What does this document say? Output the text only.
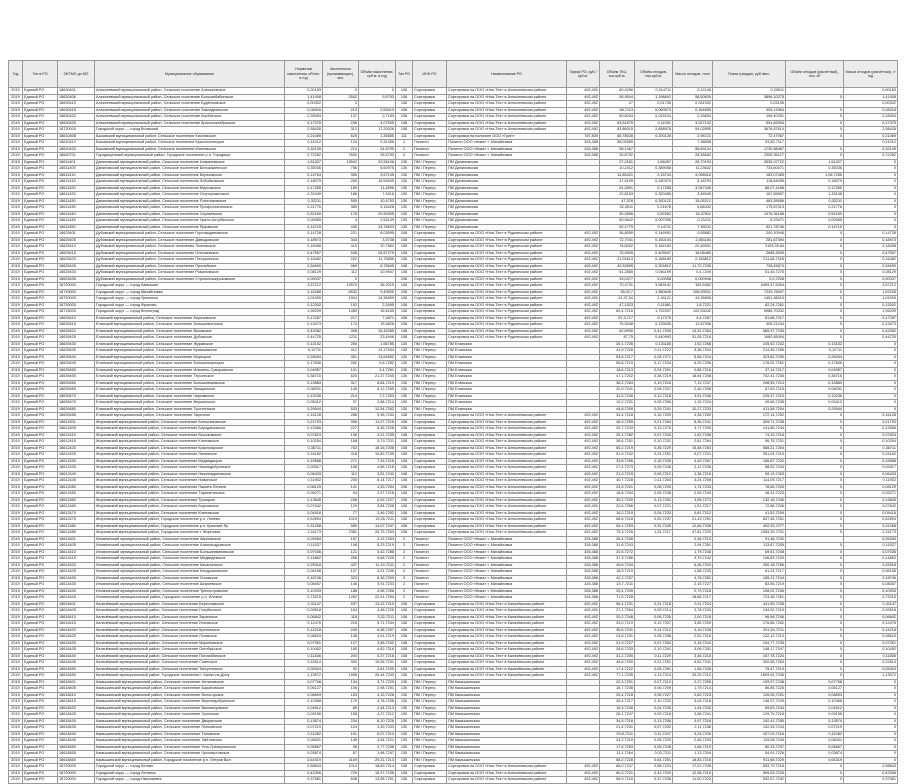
Год	Тип в РО	ОКТМО до МО	Муниципальное образование	Норматив накопления, м³/чел. в год	Численность (проживающих), чел.	Объём накопления, куб.м. в год	Тип РО	ИНН РО	Наименование РО	Тариф РО, руб./куб.м.	Объём ТКО, тыс.куб.м.	Объём отходов, тыс.куб.м.	Масса отходов, тонн	Плата граждан, руб./мес.	Объём отходов (расчётный), тыс. м³	Масса отходов (расчётная), т/год
2019	Единый РО	18630401	Алексеевский муниципальный район, Сельское поселение Алексеевское	0,00183	0	0	108	Сортировка	Сортировка на ООО «Ноя-Тех» в Алексеевском районе	492,492	60,4296	0,014711	0,12148	0,29511		0,00183
2019	Единый РО	18630406	Алексеевский муниципальный район, Сельское поселение Большебабинское	1,41408	2542	9,5793	108	Сортировка	Сортировка на ООО «Ноя-Тех» в Алексеевском районе	492,492	56,9544	1,196841	58,50839	3896,10275	0	1,41408
2019	Единый РО	18630410	Алексеевский муниципальный район, Сельское поселение Будённовское	0,00302	0		108	Сортировка	Сортировка на ООО «Ноя-Тех» в Алексеевском районе	492,492	27	0,01735	0,031932	0,03195		0,00302
2019	Единый РО	18630415	Алексеевский муниципальный район, Сельское поселение Закладнинское	0,08316	213	0,53413	108	Сортировка	Сортировка на ООО «Ноя-Тех» в Алексеевском районе	492,492	68,7113	0,060573	0,164555	405,13364	0	0,08316
2019	Единый РО	18630420	Алексеевский муниципальный район, Сельское поселение Кирбитское	0,28394	137	0,7183	108	Сортировка	Сортировка на ООО «Ноя-Тех» в Алексеевском районе	492,492	50,6034	0,015104	0,15834	196,40251	0	0,28394
2019	Единый РО	18630425	Алексеевский муниципальный район, Сельское поселение Краснооктябрьское	0,17375	236	4,07505	108	Сортировка	Сортировка на ООО «Ноя-Тех» в Алексеевском районе	492,492	63,51875	0,11031	3,027132	591,65394	0	0,17375
2019	Единый РО	18720000	Городской округ — город Волжский	2,58426	312	17,20026	108	Сортировка	Сортировка на ООО «Ноя-Тех» в Алексеевском районе	492,492	83,86015	2,858978	54,02895	3676,67614	0	2,58426
2019	Единый РО	18610408	Быковский муниципальный район, Сельское поселение Кисловское	0,21089	625	1,35655	111	Сортировка	Сортировка на полигоне ООО «Грин»	787,839	66,78028	0,200128	2,98721	72,47067	0	0,21089
2019	Единый РО	18610412	Быковский муниципальный район, Сельское поселение Красноселецкое	0,11012	124	0,31356	2	Полигон	Полигон ООО «Ника» г. Михайловка	326,388	58,09389		7,38838	53,82,7117		0,11012
2019	Единый РО	18610420	Быковский муниципальный район, Сельское поселение Кленовское	0,32139	210	24,5795	2	Полигон	Полигон ООО «Ника» г. Михайловка	326,388	58,1467		56,69124	1730,58467	0	0,32139
2019	Единый РО	18640701	Городищенский муниципальный район, Городское поселение р.п. Городище	0,72282	7600	26,5793	2	Полигон	Полигон ООО «Ника» г. Михайловка	326,388	30,8792		28,56682	2305,35127	0	0,72282
2019	Единый РО	18611401	Даниловский муниципальный район, Сельское поселение Атамановское	1,51327	13542	22,55106	130	ПМ / Перегр.	ПМ Даниловская		27,2161	1,56287	28,70193	2535,07722	1,51327	0
2019	Единый РО	18611405	Даниловский муниципальный район, Сельское поселение Белокаменское	0,35036	756	6,60975	130	ПМ / Перегр.	ПМ Даниловская		10,2412	0,389058	11,23632	733,60071	0,35036	0
2019	Единый РО	18611410	Даниловский муниципальный район, Сельское поселение Березовское	0,14754	355	3,57145	130	ПМ / Перегр.	ПМ Даниловская		14,85421	0,15744	4,098416	183,07469	1,06,7256	0
2019	Единый РО	18611415	Даниловский муниципальный район, Сельское поселение Лобойковское	0,18079	269	16,54645	130	ПМ / Перегр.	ПМ Даниловская		47,5199	0,180379	5,18793	118,64095	0,18079	0
2019	Единый РО	18611420	Даниловский муниципальный район, Сельское поселение Миусовское	0,17355	189	11,4596	130	ПМ / Перегр.	ПМ Даниловская		51,2891	0,17288	3,047345	88,07,4186	0,17355	0
2019	Единый РО	18611425	Даниловский муниципальный район, Сельское поселение Остророженское	0,32449	186	7,4016	130	ПМ / Перегр.	ПМ Даниловская		22,8163	0,320485	3,48945	187,85597	1,33148	0
2019	Единый РО	18611430	Даниловский муниципальный район, Сельское поселение Плотниковское	0,32211	555	10,4753	130	ПМ / Перегр.	ПМ Даниловская		47,378	0,320122	15,05212	483,35956	0,32211	0
2019	Единый РО	18611435	Даниловский муниципальный район, Сельское поселение Профсоюзнинское	0,21776	389	5,16428	130	ПМ / Перегр.	ПМ Даниловская		32,4911	0,21678	5,86432	175,87313	0,21776	0
2019	Единый РО	18611440	Даниловский муниципальный район, Сельское поселение Сергиевское	0,52160	176	20,90305	130	ПМ / Перегр.	ПМ Даниловская		30,3856	0,52262	16,37811	1376,34186	0,52160	0
2019	Единый РО	18611445	Даниловский муниципальный район, Сельское поселение Урало-Ахтубинское	0,00955	4	2,52149	130	ПМ / Перегр.	ПМ Даниловская		50,9642	0,007055	0,21211	6,29471	0,00955	0
2019	Единый РО	18611450	Даниловский муниципальный район, Сельское поселение Ярковское	0,14715	430	13,78633	130	ПМ / Перегр.	ПМ Даниловская		92,1779	0,14711	7,59211	521,78746	0,14715	0
2019	Единый РО	18625401	Дубовский муниципальный район, Сельское поселение Горноводяновское	0,14728	221	8,03595	108	Сортировка	Сортировка на ООО «Ноя-Тех» в Руднянском районе	492,492	36,8059	0,146951	0,55882	200,20946	0	0,14728
2019	Единый РО	18625405	Дубовский муниципальный район, Сельское поселение Давыдовское	0,18973	343	3,3738	108	Сортировка	Сортировка на ООО «Ноя-Тех» в Руднянском районе	492,492	72,7041	0,150104	2,851184	281,67394	0	0,18973
2019	Единый РО	18625410	Дубовский муниципальный район, Сельское поселение Лозновское	0,18498	410	20,7652	108	Сортировка	Сортировка на ООО «Ноя-Тех» в Руднянском районе	492,492	78,6002	0,184183	20,45931	2193,39,84	0	0,18498
2019	Единый РО	18625415	Дубовский муниципальный район, Сельское поселение Оленьевское	0,47557	536	26,57279	108	Сортировка	Сортировка на ООО «Ноя-Тех» в Руднянском районе	492,492	76,9905	0,403947	18,06489	2685,3539	0	0,47557
2019	Единый РО	18625420	Дубовский муниципальный район, Сельское поселение Пичужинское	0,16482	202	11,75856	108	Сортировка	Сортировка на ООО «Ноя-Тех» в Руднянском районе	492,492	21,01613	0,168189	2,183812	211,68,7526	0	0,16482
2019	Единый РО	18625425	Дубовский муниципальный район, Сельское поселение Пролейское	0,34690	989	8,75645	108	Сортировка	Сортировка на ООО «Ноя-Тех» в Руднянском районе	492,492	40,52895	0,324812	11,70,7205	728,45674	0	0,34690
2019	Единый РО	18625430	Дубовский муниципальный район, Сельское поселение Романовское	0,08129	112	10,9947	108	Сортировка	Сортировка на ООО «Ноя-Тех» в Руднянском районе	492,492	51,2565	0,081199	0,4,7209	51,45,7275	0	0,08129
2019	Единый РО	18625435	Дубовский муниципальный район, Сельское поселение Стрельношироковское	0,00037	0		108	Сортировка	Сортировка на ООО «Ноя-Тех» в Руднянском районе	492,492	33,0477	0,00058	0,000946	0,0,7208	0	0,00037
2019	Единый РО	18720000	Городской округ — город Камышин	3,57212	13570	36,2015	108	Сортировка	Сортировка на ООО «Ноя-Тех» в Руднянском районе	492,492	70,4731	3,583141	183,5382	9459,37,5264	0	3,57212
2019	Единый РО	18715000	Городской округ — город Михайловка	2,16288	6532	9,49905	108	Сортировка	Сортировка на ООО «Ноя-Тех» в Руднянском районе	492,492	35,00,7	1,980645	106,99531	7229,78497	0	1,02105
2019	Единый РО	18720000	Городской округ — город Урюпинск	1,01905	1904	14,35899	108	Сортировка	Сортировка на ООО «Ноя-Тех» в Руднянском районе	492,492	41,37,54	1,41121	44,35898	1451,48415	0	1,01905
2019	Единый РО	18730000	Городской округ — город Фролово	0,12002	192	2,3495	108	Сортировка	Сортировка на ООО «Ноя-Тех» в Руднянском районе	492,492	47,1523	0,11861	1,8,7221	82,24,7261	0	0,12002
2019	Единый РО	18715000	Городской округ — город Волгоград	1,95209	1489	16,6165	108	Сортировка	Сортировка на ООО «Ноя-Тех» в Руднянском районе	492,492	60,4,7216	1,792337	102,53042	6986,70332	0	1,95209
2019	Единый РО	18639410	Еланский муниципальный район, Сельское поселение Березовское	0,17287	217	7,4871	108	Сортировка	Сортировка на ООО «Ноя-Тех» в Руднянском районе	492,492	57,3,717	0,17275	4,4,7267	81,88,7217	0	0,17287
2019	Единый РО	18639415	Еланский муниципальный район, Сельское поселение Большевистское	0,13473	174	15,5826	108	Сортировка	Сортировка на ООО «Ноя-Тех» в Руднянском районе	492,492	75,9048	0,133935	12,87938	305,21244	0	0,13473
2019	Единый РО	18639420	Еланский муниципальный район, Сельское поселение Вязовское	0,42082	398	15,49285	108	Сортировка	Сортировка на ООО «Ноя-Тех» в Руднянском районе	492,492	62,6906	0,41,7205	14,31,7264	585,37,7235	0	0,42082
2019	Единый РО	18639425	Еланский муниципальный район, Сельское поселение Дубовское	0,44725	1211	23,4946	108	Сортировка	Сортировка на ООО «Ноя-Тех» в Руднянском районе	492,492	87,75	0,440993	31,05,7216	1080,65094	0	0,44725
2019	Единый РО	18639430	Еланский муниципальный район, Сельское поселение Журавское	0,13152	250	1,56785	130	ПМ / Перегр.	ПМ Еланская		26,1,7235	0,131185	1,52,7268	105,52,7242	0,13152	0
2019	Единый РО	18639435	Еланский муниципальный район, Сельское поселение Краишевское	0,11711	412	13,17534	130	ПМ / Перегр.	ПМ Еланская		41,9,7228	0,11,7222	5,38,7204	214,36,7289	0,11711	0
2019	Единый РО	18639440	Еланский муниципальный район, Сельское поселение Морецкое	0,28264	351	13,64552	130	ПМ / Перегр.	ПМ Еланская		53,6,7217	0,28,7271	5,56,7224	323,82,7259	0,28264	0
2019	Единый РО	18639445	Еланский муниципальный район, Сельское поселение Большеморецкое	0,17846	262	9,6,7282	130	ПМ / Перегр.	ПМ Еланская		56,8,7215	0,17,7234	6,25,7296	178,92,7261	0,17846	0
2019	Единый РО	18639450	Еланский муниципальный район, Сельское поселение Ильмень-Суворовское	0,04957	101	3,4,7261	130	ПМ / Перегр.	ПМ Еланская		18,6,7213	0,04,7291	0,88,7216	37,14,7217	0,04957	0
2019	Единый РО	18639455	Еланский муниципальный район, Сельское поселение Терсинское	0,38715	620	21,37,7245	130	ПМ / Перегр.	ПМ Еланская		47,1,7202	0,38,7219	18,64,7208	702,41,7236	0,38715	0
2019	Единый РО	18639460	Еланский муниципальный район, Сельское поселение Большевязовское	0,19883	317	8,84,7219	130	ПМ / Перегр.	ПМ Еланская		36,2,7284	0,19,7218	7,12,7237	298,55,7214	0,19883	0
2019	Единый РО	18639465	Еланский муниципальный район, Сельское поселение Хвощинское	0,08291	145	6,12,7255	130	ПМ / Перегр.	ПМ Еланская		22,9,7241	0,08,7207	2,46,7298	87,63,7215	0,08291	0
2019	Единый РО	18639470	Еланский муниципальный район, Сельское поселение Чернавское	0,12036	214	7,2,7253	130	ПМ / Перегр.	ПМ Еланская		31,5,7246	0,12,7218	3,91,7246	125,37,7219	0,12036	0
2019	Единый РО	18639475	Еланский муниципальный район, Сельское поселение Вершинское	0,05412	97	2,88,7214	130	ПМ / Перегр.	ПМ Еланская		19,2,7231	0,05,7266	1,15,7224	49,66,7238	0,05412	0
2019	Единый РО	18639480	Еланский муниципальный район, Сельское поселение Тростянское	0,29544	533	12,54,7262	130	ПМ / Перегр.	ПМ Еланская		44,8,7209	0,29,7241	10,27,7233	411,58,7204	0,29544	0
2019	Единый РО	18639485	Еланский муниципальный район, Сельское поселение Заречное	0,16128	288	5,96,7244	108	Сортировка	Сортировка на ООО «Ноя-Тех» в Алексеевском районе	492,492	34,4,7218	0,16,7209	4,38,7269	172,14,7252	0	0,16128
2019	Единый РО	18612401	Жирновский муниципальный район, Сельское поселение Алешниковское	0,21793	396	11,07,7216	108	Сортировка	Сортировка на ООО «Ноя-Тех» в Алексеевском районе	492,492	48,3,7255	0,21,7284	8,36,7241	309,71,7238	0	0,21793
2019	Единый РО	18612405	Жирновский муниципальный район, Сельское поселение Бородачевское	0,13366	227	6,45,7228	108	Сортировка	Сортировка на ООО «Ноя-Тех» в Алексеевском районе	492,492	29,7,7233	0,13,7276	3,77,7209	141,86,7244	0	0,13366
2019	Единый РО	18612410	Жирновский муниципальный район, Сельское поселение Высоковское	0,07824	136	4,21,7235	108	Сортировка	Сортировка на ООО «Ноя-Тех» в Алексеевском районе	492,492	25,1,7282	0,07,7243	1,62,7258	74,33,7216	0	0,07824
2019	Единый РО	18612415	Жирновский муниципальный район, Сельское поселение Кленовское	0,10254	168	5,74,7211	108	Сортировка	Сортировка на ООО «Ноя-Тех» в Алексеевском районе	492,492	38,6,7251	0,10,7231	2,81,7264	96,75,7231	0	0,10254
2019	Единый РО	18612420	Жирновский муниципальный район, Сельское поселение Красноярское	0,36711	702	18,16,7208	108	Сортировка	Сортировка на ООО «Ноя-Тех» в Алексеевском районе	492,492	65,2,7219	0,36,7229	15,48,7283	588,21,7264	0	0,36711
2019	Единый РО	18612425	Жирновский муниципальный район, Сельское поселение Линевское	0,24162	418	10,82,7239	108	Сортировка	Сортировка на ООО «Ноя-Тех» в Алексеевском районе	492,492	51,9,7242	0,24,7251	9,07,7221	351,04,7219	0	0,24162
2019	Единый РО	18612430	Жирновский муниципальный район, Сельское поселение Медведицкое	0,15588	271	7,33,7216	108	Сортировка	Сортировка на ООО «Ноя-Тех» в Алексеевском районе	492,492	33,8,7256	0,15,7205	4,49,7267	166,87,7232	0	0,15588
2019	Единый РО	18612435	Жирновский муниципальный район, Сельское поселение Нижнедобринское	0,09317	158	4,86,7218	108	Сортировка	Сортировка на ООО «Ноя-Тех» в Алексеевском районе	492,492	27,4,7273	0,09,7246	2,12,7238	88,52,7244	0	0,09317
2019	Единый РО	18612440	Жирновский муниципальный район, Сельское поселение Нижнеждановское	0,06433	112	3,51,7242	108	Сортировка	Сортировка на ООО «Ноя-Тех» в Алексеевском районе	492,492	21,3,7215	0,06,7212	1,36,7215	59,19,7263	0	0,06433
2019	Единый РО	18612445	Жирновский муниципальный район, Сельское поселение Новинское	0,11902	205	6,14,7217	108	Сортировка	Сортировка на ООО «Ноя-Тех» в Алексеевском районе	492,492	40,7,7228	0,11,7263	3,24,7208	114,05,7217	0	0,11902
2019	Единый РО	18612450	Жирновский муниципальный район, Сельское поселение Памяти Ленина	0,08129	141	4,33,7254	108	Сортировка	Сортировка на ООО «Ноя-Тех» в Алексеевском районе	492,492	24,5,7201	0,08,7205	1,74,7233	78,66,7205	0	0,08129
2019	Единый РО	18612455	Жирновский муниципальный район, Сельское поселение Тарапатинское	0,05271	94	2,97,7216	108	Сортировка	Сортировка на ООО «Ноя-Тех» в Алексеевском районе	492,492	18,8,7244	0,05,7238	0,99,7249	48,31,7223	0	0,05271
2019	Единый РО	18612460	Жирновский муниципальный район, Сельское поселение Троицкое	0,13845	236	6,92,7227	108	Сортировка	Сортировка на ООО «Ноя-Тех» в Алексеевском районе	492,492	35,2,7239	0,13,7252	3,95,7273	132,18,7246	0	0,13845
2019	Единый РО	18612465	Жирновский муниципальный район, Сельское поселение Борковское	0,07642	129	3,84,7208	108	Сортировка	Сортировка на ООО «Ноя-Тех» в Алексеевском районе	492,492	22,6,7266	0,07,7221	1,51,7217	72,88,7236	0	0,07642
2019	Единый РО	18612470	Жирновский муниципальный район, Сельское поселение Кленовское	0,04416	77	2,46,7252	108	Сортировка	Сортировка на ООО «Ноя-Тех» в Алексеевском районе	492,492	16,2,7219	0,04,7233	0,81,7212	41,52,7209	0	0,04416
2019	Единый РО	18612475	Жирновский муниципальный район, Городское поселение р.п. Линево	0,52894	1019	19,26,7211	108	Сортировка	Сортировка на ООО «Ноя-Тех» в Алексеевском районе	492,492	68,8,7218	0,52,7237	21,43,7291	837,46,7251	0	0,52894
2019	Единый РО	18612480	Жирновский муниципальный район, Городское поселение р.п. Красный Яр	0,31268	589	14,07,7247	108	Сортировка	Сортировка на ООО «Ноя-Тех» в Алексеевском районе	492,492	54,1,7253	0,31,7245	12,66,7208	492,33,7277	0	0,31268
2019	Единый РО	18612485	Жирновский муниципальный район, Городское поселение г. Жирновск	1,24173	2381	28,75,7263	108	Сортировка	Сортировка на ООО «Ноя-Тех» в Алексеевском районе	492,492	79,3,7226	1,24,7217	47,81,7229	1954,26,7231	0	1,24173
2019	Единый РО	18614401	Иловлинский муниципальный район, Сельское поселение Авиловское	0,09284	157	4,12,7264	2	Полигон	Полигон ООО «Ника» г. Михайловка	326,388	26,4,7208		2,36,7213	91,48,7232		0,09284
2019	Единый РО	18614405	Иловлинский муниципальный район, Сельское поселение Александровское	0,11527	198	5,23,7219	2	Полигон	Полигон ООО «Ника» г. Михайловка	326,388	31,8,7243		2,94,7261	113,87,7205	0	0,11527
2019	Единый РО	18614410	Иловлинский муниципальный район, Сельское поселение Большеивановское	0,07036	121	3,42,7288	2	Полигон	Полигон ООО «Ника» г. Михайловка	326,388	20,5,7272		1,79,7246	69,51,7248	0	0,07036
2019	Единый РО	18614415	Иловлинский муниципальный район, Сельское поселение Медведевское	0,14862	256	6,68,7225	2	Полигон	Полигон ООО «Ника» г. Михайловка	326,388	37,3,7266		3,79,7242	146,83,7229	0	0,14862
2019	Единый РО	18614420	Иловлинский муниципальный район, Сельское поселение Качалинское	0,25318	437	11,24,7211	2	Полигон	Полигон ООО «Ника» г. Михайловка	326,388	49,6,7234		6,46,7203	250,18,7256	0	0,25318
2019	Единый РО	18614425	Иловлинский муниципальный район, Сельское поселение Кондрашовское	0,06198	107	3,01,7246	2	Полигон	Полигон ООО «Ника» г. Михайловка	326,388	18,9,7219		1,58,7233	61,24,7217	0	0,06198
2019	Единый РО	18614430	Иловлинский муниципальный район, Сельское поселение Логовское	0,18746	323	8,36,7209	2	Полигон	Полигон ООО «Ника» г. Михайловка	326,388	42,2,7257		4,78,7262	185,21,7244	0	0,18746
2019	Единый РО	18614435	Иловлинский муниципальный район, Сельское поселение Ширяевское	0,08457	146	3,91,7233	2	Полигон	Полигон ООО «Ника» г. Михайловка	326,388	23,7,7211		2,15,7227	83,56,7219	0	0,08457
2019	Единый РО	18614440	Иловлинский муниципальный район, Сельское поселение Трёхостровское	0,10933	188	4,96,7258	2	Полигон	Полигон ООО «Ника» г. Михайловка	326,388	29,4,7205		2,79,7218	108,02,7236	0	0,10933
2019	Единый РО	18614445	Иловлинский муниципальный район, Городское поселение р.п. Иловля	0,73215	1262	22,41,7264	2	Полигон	Полигон ООО «Ника» г. Михайловка	326,388	71,5,7228		18,68,7217	723,38,7261	0	0,73215
2019	Единый РО	18616401	Калачёвский муниципальный район, Сельское поселение Береславское	0,31147	537	13,22,7219	108	Сортировка	Сортировка на ООО «Ноя-Тех» в Калачёвском районе	492,492	56,4,7231	0,31,7218	9,11,7224	441,55,7238	0	0,31147
2019	Единый РО	18616405	Калачёвский муниципальный район, Сельское поселение Голубинское	0,09518	164	4,48,7226	108	Сортировка	Сортировка на ООО «Ноя-Тех» в Калачёвском районе	492,492	27,1,7264	0,09,7214	2,78,7233	134,92,7219	0	0,09518
2019	Единый РО	18616410	Калачёвский муниципальный район, Сельское поселение Зарянское	0,06842	118	3,32,7211	108	Сортировка	Сортировка на ООО «Ноя-Тех» в Калачёвском районе	492,492	20,2,7246	0,06,7235	2,00,7218	96,98,7246	0	0,06842
2019	Единый РО	18616415	Калачёвский муниципальный район, Сельское поселение Ильевское	0,12476	215	5,71,7244	108	Сортировка	Сортировка на ООО «Ноя-Тех» в Калачёвском районе	492,492	33,0,7219	0,12,7207	3,65,7209	176,86,7262	0	0,12476
2019	Единый РО	18616420	Калачёвский муниципальный район, Сельское поселение Крепинское	0,14218	245	6,38,7257	108	Сортировка	Сортировка на ООО «Ноя-Тех» в Калачёвском районе	492,492	35,6,7241	0,14,7212	4,16,7228	201,54,7211	0	0,14218
2019	Единый РО	18616425	Калачёвский муниципальный район, Сельское поселение Логовское	0,08615	148	4,01,7219	108	Сортировка	Сортировка на ООО «Ноя-Тех» в Калачёвском районе	492,492	24,8,7231	0,08,7258	2,52,7216	122,12,7213	0	0,08615
2019	Единый РО	18616430	Калачёвский муниципальный район, Сельское поселение Мариновское	0,07391	127	3,56,7242	108	Сортировка	Сортировка на ООО «Ноя-Тех» в Калачёвском районе	492,492	21,9,7227	0,07,7264	2,16,7244	104,77,7235	0	0,07391
2019	Единый РО	18616435	Калачёвский муниципальный район, Сельское поселение Октябрьское	0,10452	180	4,82,7216	108	Сортировка	Сортировка на ООО «Ноя-Тех» в Калачёвском районе	492,492	28,6,7233	0,10,7241	3,06,7251	148,17,7247	0	0,10452
2019	Единый РО	18616440	Калачёвский муниципальный район, Сельское поселение Пятиизбянское	0,11836	204	5,37,7218	108	Сортировка	Сортировка на ООО «Ноя-Тех» в Калачёвском районе	492,492	31,2,7205	0,11,7229	3,46,7218	167,78,7224	0	0,11836
2019	Единый РО	18616445	Калачёвский муниципальный район, Сельское поселение Советское	0,22614	390	10,06,7231	108	Сортировка	Сортировка на ООО «Ноя-Тех» в Калачёвском районе	492,492	46,8,7259	0,22,7251	6,62,7241	320,58,7263	0	0,22614
2019	Единый РО	18616450	Калачёвский муниципальный район, Сельское поселение Тингутинское	0,05324	92	2,61,7205	108	Сортировка	Сортировка на ООО «Ноя-Тех» в Калачёвском районе	492,492	17,4,7222	0,05,7261	1,56,7228	75,47,7219	0	0,05324
2019	Единый РО	18616455	Калачёвский муниципальный район, Городское поселение г. Калач-на-Дону	1,13572	1958	26,44,7243	108	Сортировка	Сортировка на ООО «Ноя-Тех» в Калачёвском районе	492,492	77,1,7235	1,13,7214	33,25,7212	1609,91,7236	0	1,13572
2019	Единый РО	18618401	Камышинский муниципальный район, Сельское поселение Антиповское	0,07758	134	3,71,7229	130	ПМ / Перегр.	ПМ Камышинская		22,3,7251	0,07,7213	2,27,7255	109,97,7238	0,07758	0
2019	Единый РО	18618405	Камышинский муниципальный район, Сельское поселение Барановское	0,06127	106	2,98,7251	130	ПМ / Перегр.	ПМ Камышинская		18,7,7238	0,06,7209	1,79,7214	86,85,7226	0,06127	0
2019	Единый РО	18618410	Камышинский муниципальный район, Сельское поселение Белогорское	0,08893	153	4,15,7228	130	ПМ / Перегр.	ПМ Камышинская		25,4,7218	0,08,7227	2,60,7223	126,06,7251	0,08893	0
2019	Единый РО	18618415	Камышинский муниципальный район, Сельское поселение Верхнедобринское	0,10368	179	4,78,7236	130	ПМ / Перегр.	ПМ Камышинская		28,4,7217	0,10,7232	3,04,7218	146,97,7229	0,10368	0
2019	Единый РО	18618420	Камышинский муниципальный район, Сельское поселение Вихлянцевское	0,04912	85	2,44,7213	130	ПМ / Перегр.	ПМ Камышинская		16,3,7246	0,04,7235	1,44,7226	69,63,7244	0,04912	0
2019	Единый РО	18618425	Камышинский муниципальный район, Сельское поселение Гуселское	0,09156	158	4,27,7212	130	ПМ / Перегр.	ПМ Камышинская		26,1,7247	0,09,7218	2,68,7241	129,79,7218	0,09156	0
2019	Единый РО	18618430	Камышинский муниципальный район, Сельское поселение Дворянское	0,13574	234	6,10,7226	130	ПМ / Перегр.	ПМ Камышинская		34,5,7218	0,13,7256	3,97,7218	192,41,7255	0,13574	0
2019	Единый РО	18618435	Камышинский муниципальный район, Сельское поселение Попковское	0,07219	124	3,49,7233	130	ПМ / Перегр.	ПМ Камышинская		21,4,7231	0,07,7202	2,11,7236	102,33,7244	0,07219	0
2019	Единый РО	18618440	Камышинский муниципальный район, Сельское поселение Таловское	0,11082	191	5,07,7214	130	ПМ / Перегр.	ПМ Камышинская		29,8,7211	0,11,7247	3,24,7226	157,09,7216	0,11082	0
2019	Единый РО	18618445	Камышинский муниципальный район, Сельское поселение Умётовское	0,08401	145	3,94,7221	130	ПМ / Перегр.	ПМ Камышинская		24,2,7219	0,08,7229	2,46,7233	119,08,7249	0,08401	0
2019	Единый РО	18618450	Камышинский муниципальный район, Сельское поселение Усть-Грязнухинское	0,05667	98	2,77,7238	130	ПМ / Перегр.	ПМ Камышинская		17,6,7253	0,05,7248	1,66,7219	80,33,7237	0,05667	0
2019	Единый РО	18618455	Камышинский муниципальный район, Сельское поселение Чухонастовское	0,03874	67	1,98,7247	130	ПМ / Перегр.	ПМ Камышинская		13,1,7264	0,03,7211	1,13,7204	54,91,7226	0,03874	0
2019	Единый РО	18618460	Камышинский муниципальный район, Городское поселение р.п. Петров Вал	0,64319	1109	20,21,7213	130	ПМ / Перегр.	ПМ Камышинская		68,2,7228	0,64,7251	18,83,7216	911,68,7229	0,64319	0
2019	Единый РО	18720000	Городской округ — город Котово	0,58843	1014	18,89,7214	108	Сортировка	Сортировка на ООО «Ноя-Тех» в Алексеевском районе	492,492	66,0,7247	0,58,7224	17,22,7238	833,79,7218	0	0,58843
2019	Единый РО	18720000	Городской округ — город Ленинск	0,42306	729	15,27,7236	108	Сортировка	Сортировка на ООО «Ноя-Тех» в Алексеевском районе	492,492	60,3,7221	0,42,7209	12,38,7215	599,53,7226	0	0,42306
2019	Единый РО	18720000	Городской округ — город Николаевск	0,37581	648	13,98,7251	108	Сортировка	Сортировка на ООО «Ноя-Тех» в Алексеевском районе	492,492	56,9,7216	0,37,7238	11,00,7223	532,57,7242	0	0,37581
